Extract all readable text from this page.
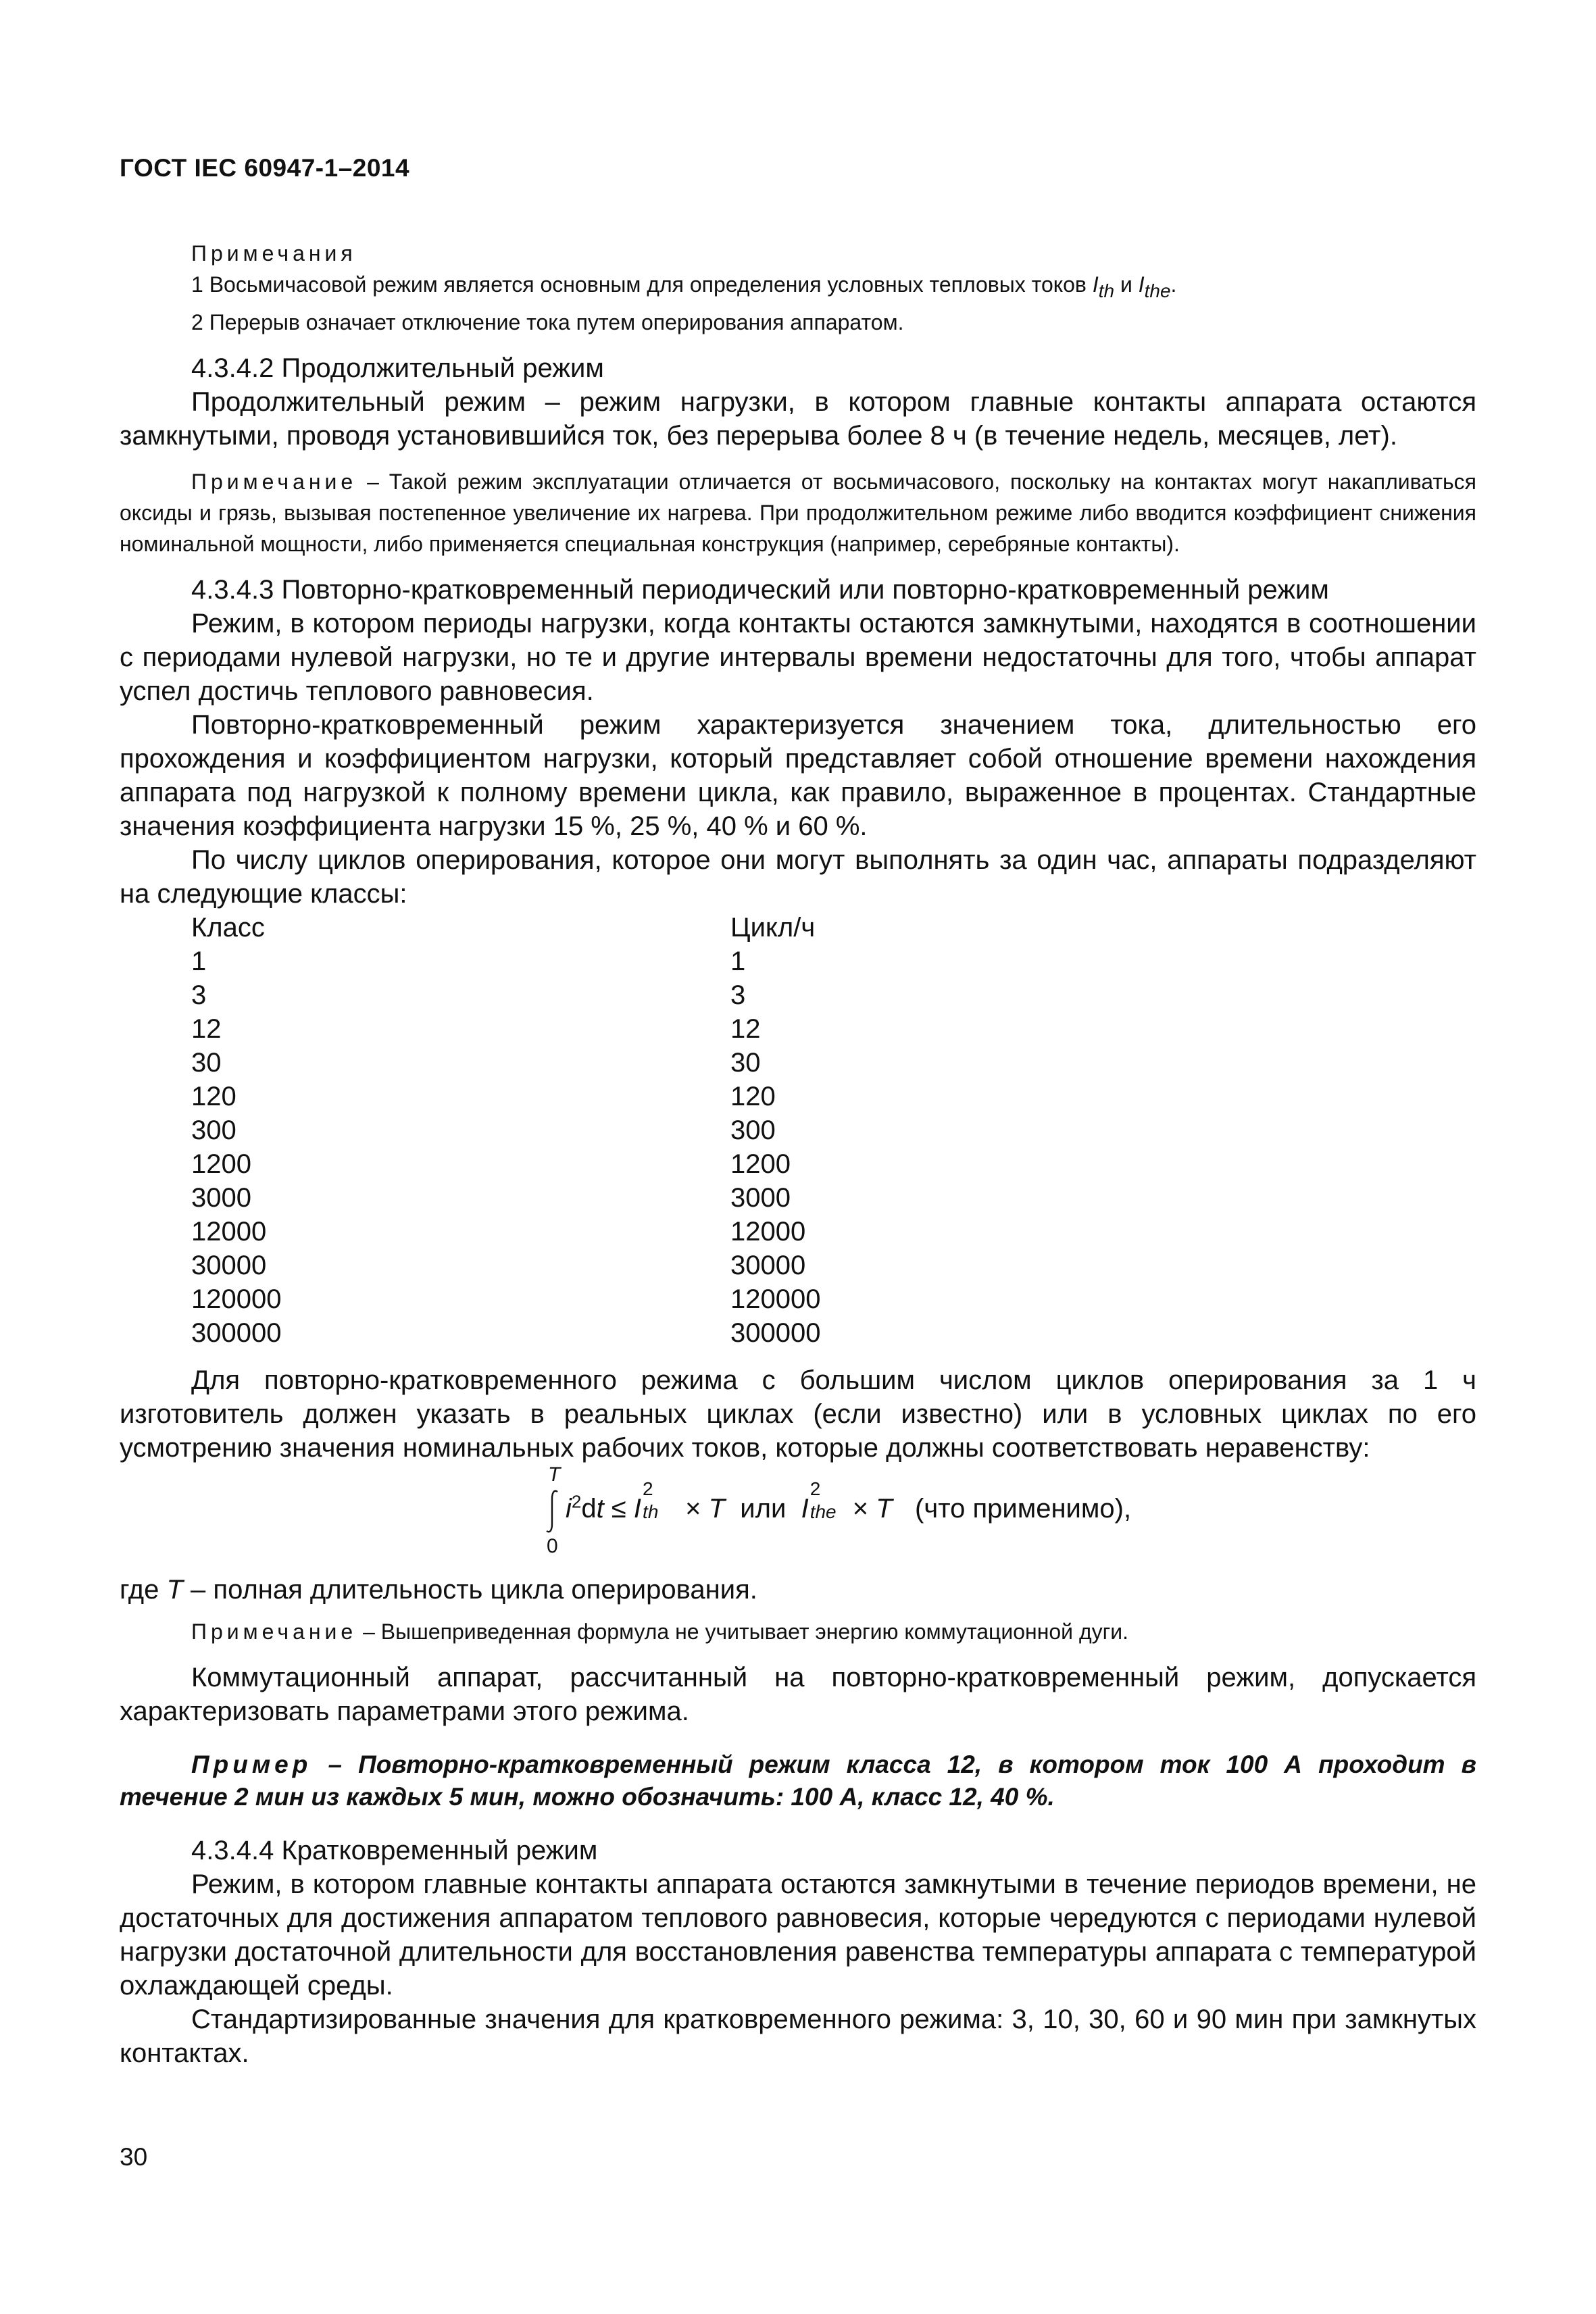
ГОСТ IEC 60947-1–2014

Примечания

1 Восьмичасовой режим является основным для определения условных тепловых токов Ith и Ithe.

2 Перерыв означает отключение тока путем оперирования аппаратом.

4.3.4.2 Продолжительный режим

Продолжительный режим – режим нагрузки, в котором главные контакты аппарата остаются замкнутыми, проводя установившийся ток, без перерыва более 8 ч (в течение недель, месяцев, лет).

Примечание – Такой режим эксплуатации отличается от восьмичасового, поскольку на контактах могут накапливаться оксиды и грязь, вызывая постепенное увеличение их нагрева. При продолжительном режиме либо вводится коэффициент снижения номинальной мощности, либо применяется специальная конструкция (например, серебряные контакты).

4.3.4.3 Повторно-кратковременный периодический или повторно-кратковременный режим

Режим, в котором периоды нагрузки, когда контакты остаются замкнутыми, находятся в соотношении с периодами нулевой нагрузки, но те и другие интервалы времени недостаточны для того, чтобы аппарат успел достичь теплового равновесия.

Повторно-кратковременный режим характеризуется значением тока, длительностью его прохождения и коэффициентом нагрузки, который представляет собой отношение времени нахождения аппарата под нагрузкой к полному времени цикла, как правило, выраженное в процентах. Стандартные значения коэффициента нагрузки 15 %, 25 %, 40 % и 60 %.

По числу циклов оперирования, которое они могут выполнять за один час, аппараты подразделяют на следующие классы:

Класс	Цикл/ч
1	1
3	3
12	12
30	30
120	120
300	300
1200	1200
3000	3000
12000	12000
30000	30000
120000	120000
300000	300000

Для повторно-кратковременного режима с большим числом циклов оперирования за 1 ч изготовитель должен указать в реальных циклах (если известно) или в условных циклах по его усмотрению значения номинальных рабочих токов, которые должны соответствовать неравенству:

T
0
$i^2dt \le I$
2
th × T  или  I
2
the × T   (что применимо),

где T – полная длительность цикла оперирования.

Примечание – Вышеприведенная формула не учитывает энергию коммутационной дуги.

Коммутационный аппарат, рассчитанный на повторно-кратковременный режим, допускается характеризовать параметрами этого режима.

Пример – Повторно-кратковременный режим класса 12, в котором ток 100 А проходит в течение 2 мин из каждых 5 мин, можно обозначить: 100 А, класс 12, 40 %.

4.3.4.4 Кратковременный режим

Режим, в котором главные контакты аппарата остаются замкнутыми в течение периодов времени, не достаточных для достижения аппаратом теплового равновесия, которые чередуются с периодами нулевой нагрузки достаточной длительности для восстановления равенства температуры аппарата с температурой охлаждающей среды.

Стандартизированные значения для кратковременного режима: 3, 10, 30, 60 и 90 мин при замкнутых контактах.

30
